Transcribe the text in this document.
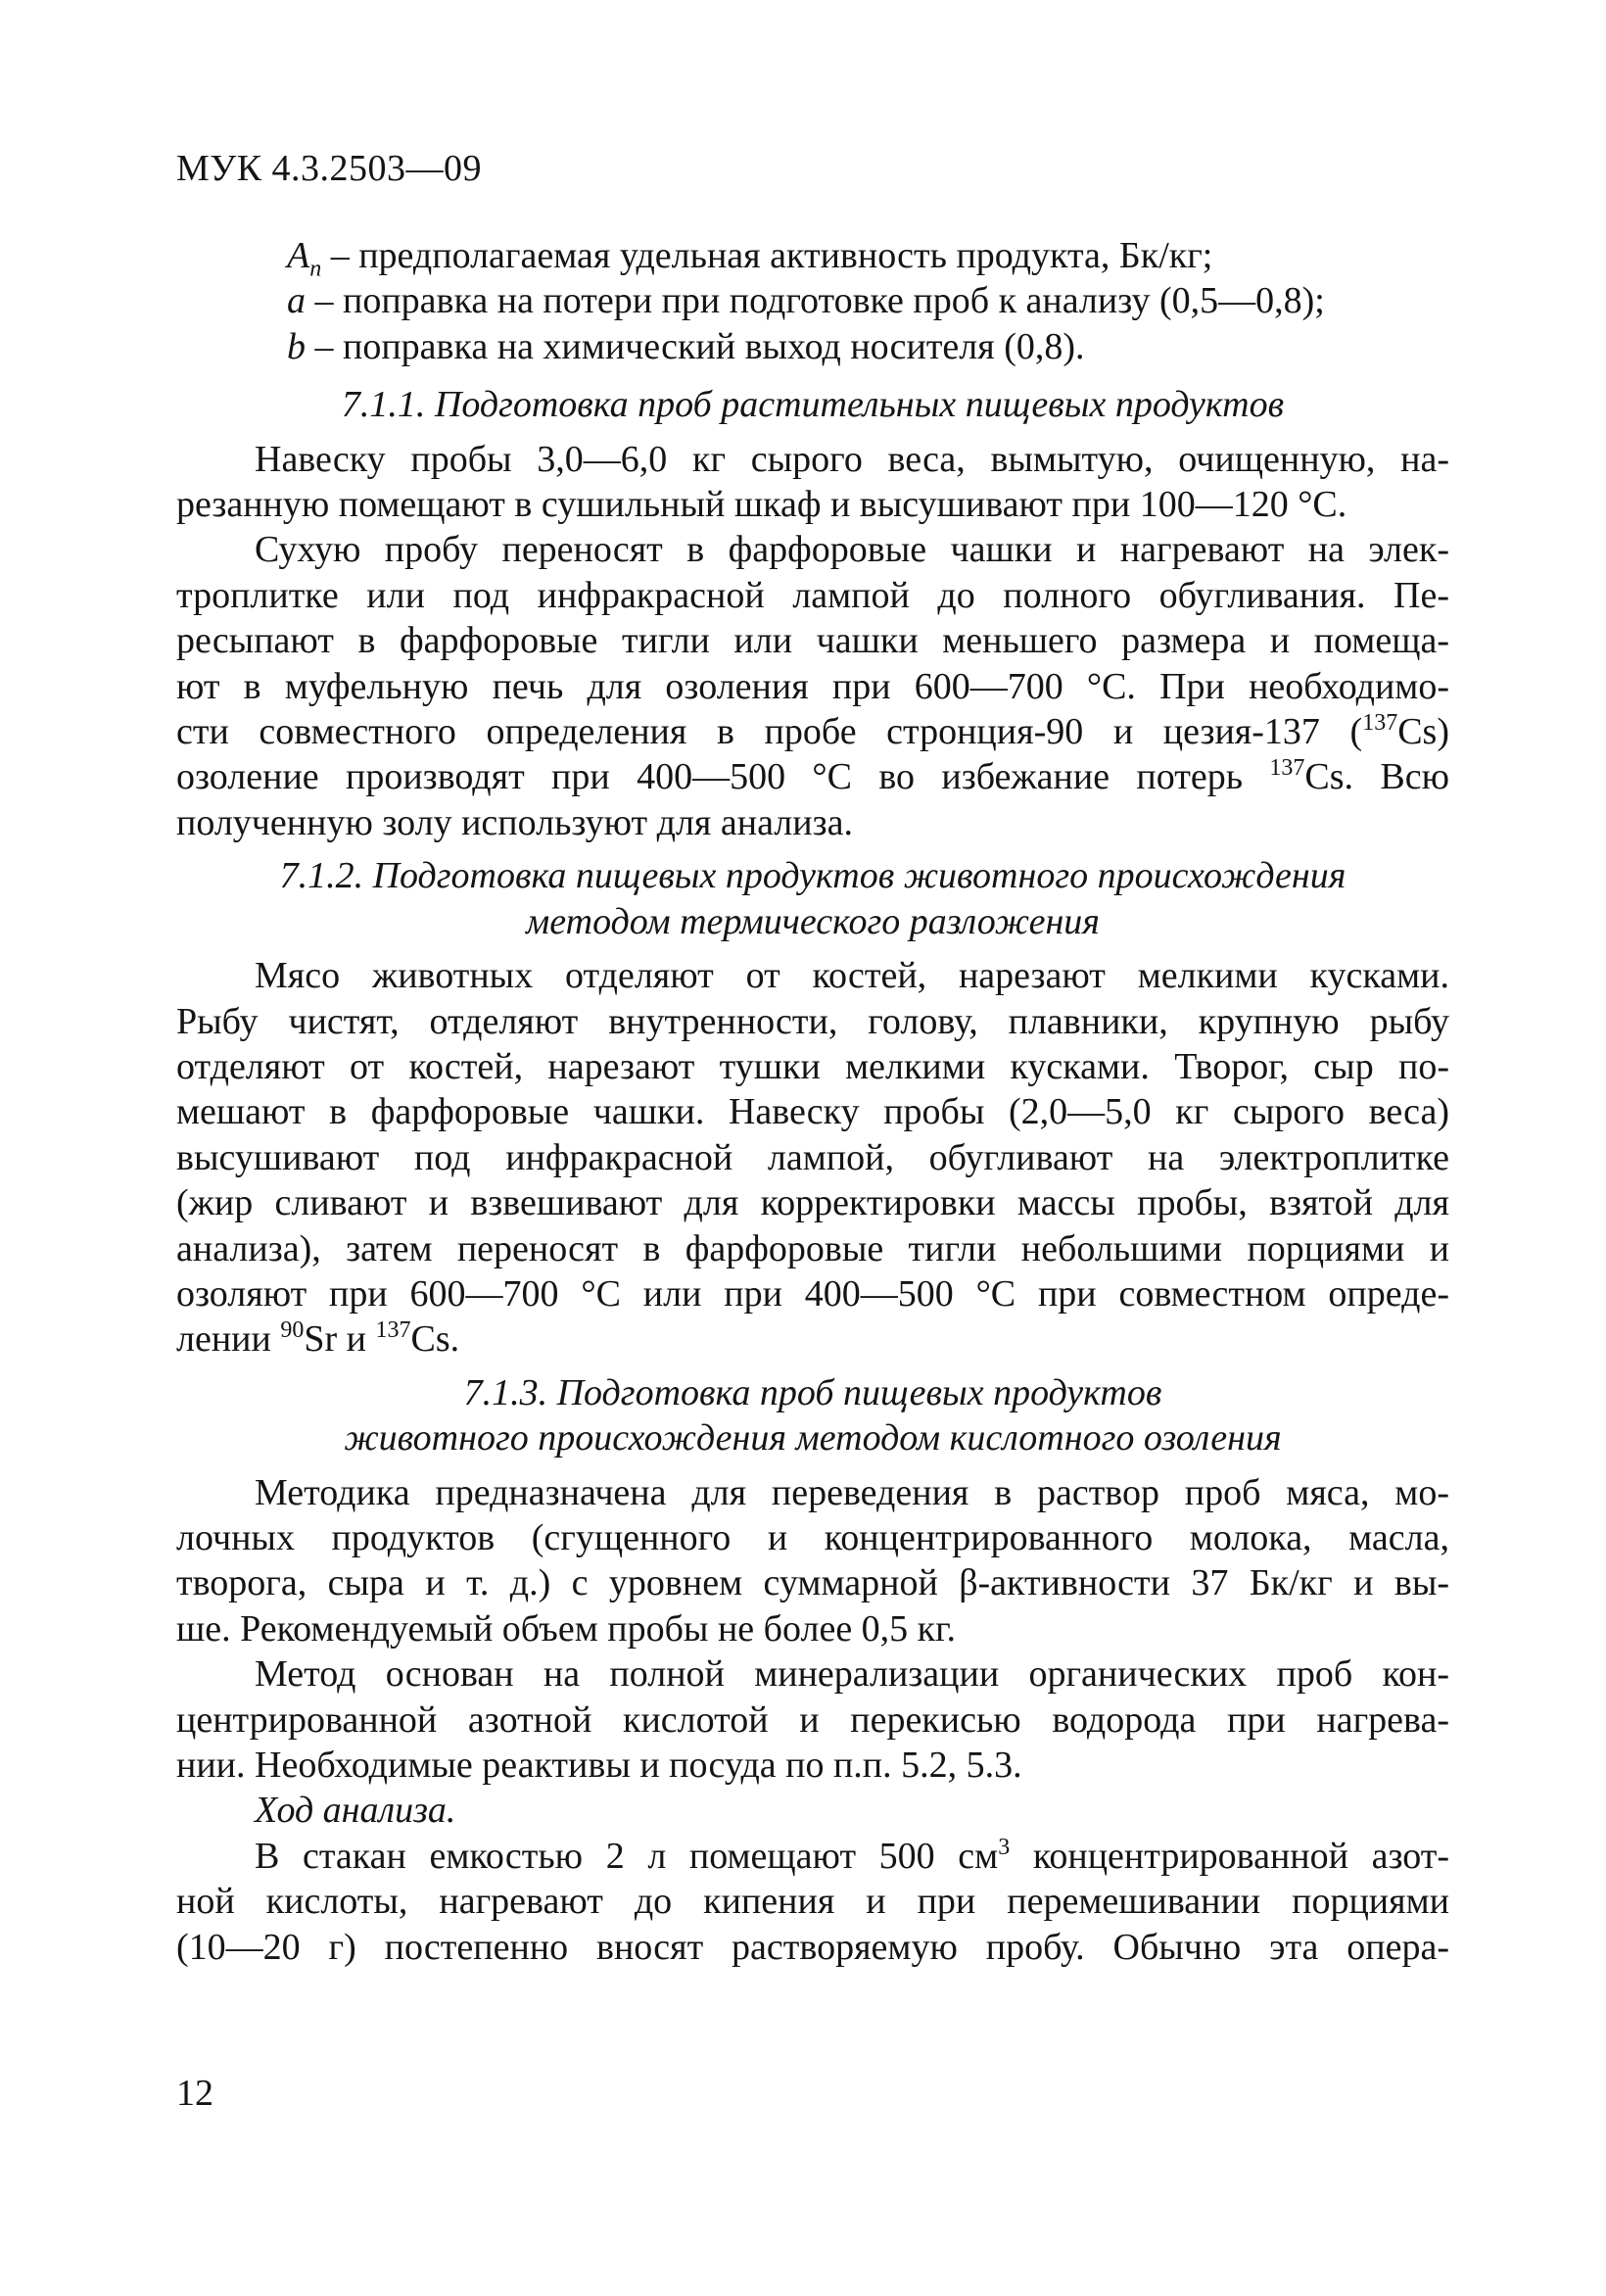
МУК 4.3.2503—09
$A_п$ – предполагаемая удельная активность продукта, Бк/кг;
a – поправка на потери при подготовке проб к анализу (0,5—0,8);
b – поправка на химический выход носителя (0,8).
7.1.1. Подготовка проб растительных пищевых продуктов

Навеску пробы 3,0—6,0 кг сырого веса, вымытую, очищенную, на-

резанную помещают в сушильный шкаф и высушивают при 100—120 °С.

Сухую пробу переносят в фарфоровые чашки и нагревают на элек-

троплитке или под инфракрасной лампой до полного обугливания. Пе-

ресыпают в фарфоровые тигли или чашки меньшего размера и помеща-

ют в муфельную печь для озоления при 600—700 °С. При необходимо-

сти совместного определения в пробе стронция-90 и цезия-137 ($^{137}$Cs)

озоление производят при 400—500 °С во избежание потерь $^{137}$Cs. Всю

полученную золу используют для анализа.

7.1.2. Подготовка пищевых продуктов животного происхождения
методом термического разложения

Мясо животных отделяют от костей, нарезают мелкими кусками.

Рыбу чистят, отделяют внутренности, голову, плавники, крупную рыбу

отделяют от костей, нарезают тушки мелкими кусками. Творог, сыр по-

мешают в фарфоровые чашки. Навеску пробы (2,0—5,0 кг сырого веса)

высушивают под инфракрасной лампой, обугливают на электроплитке

(жир сливают и взвешивают для корректировки массы пробы, взятой для

анализа), затем переносят в фарфоровые тигли небольшими порциями и

озоляют при 600—700 °С или при 400—500 °С при совместном опреде-

лении $^{90}$Sr и $^{137}$Cs.

7.1.3. Подготовка проб пищевых продуктов
животного происхождения методом кислотного озоления

Методика предназначена для переведения в раствор проб мяса, мо-

лочных продуктов (сгущенного и концентрированного молока, масла,

творога, сыра и т. д.) с уровнем суммарной β-активности 37 Бк/кг и вы-

ше. Рекомендуемый объем пробы не более 0,5 кг.

Метод основан на полной минерализации органических проб кон-

центрированной азотной кислотой и перекисью водорода при нагрева-

нии. Необходимые реактивы и посуда по п.п. 5.2, 5.3.

Ход анализа.

В стакан емкостью 2 л помещают 500 $см^3$ концентрированной азот-

ной кислоты, нагревают до кипения и при перемешивании порциями

(10—20 г) постепенно вносят растворяемую пробу. Обычно эта опера-

12
